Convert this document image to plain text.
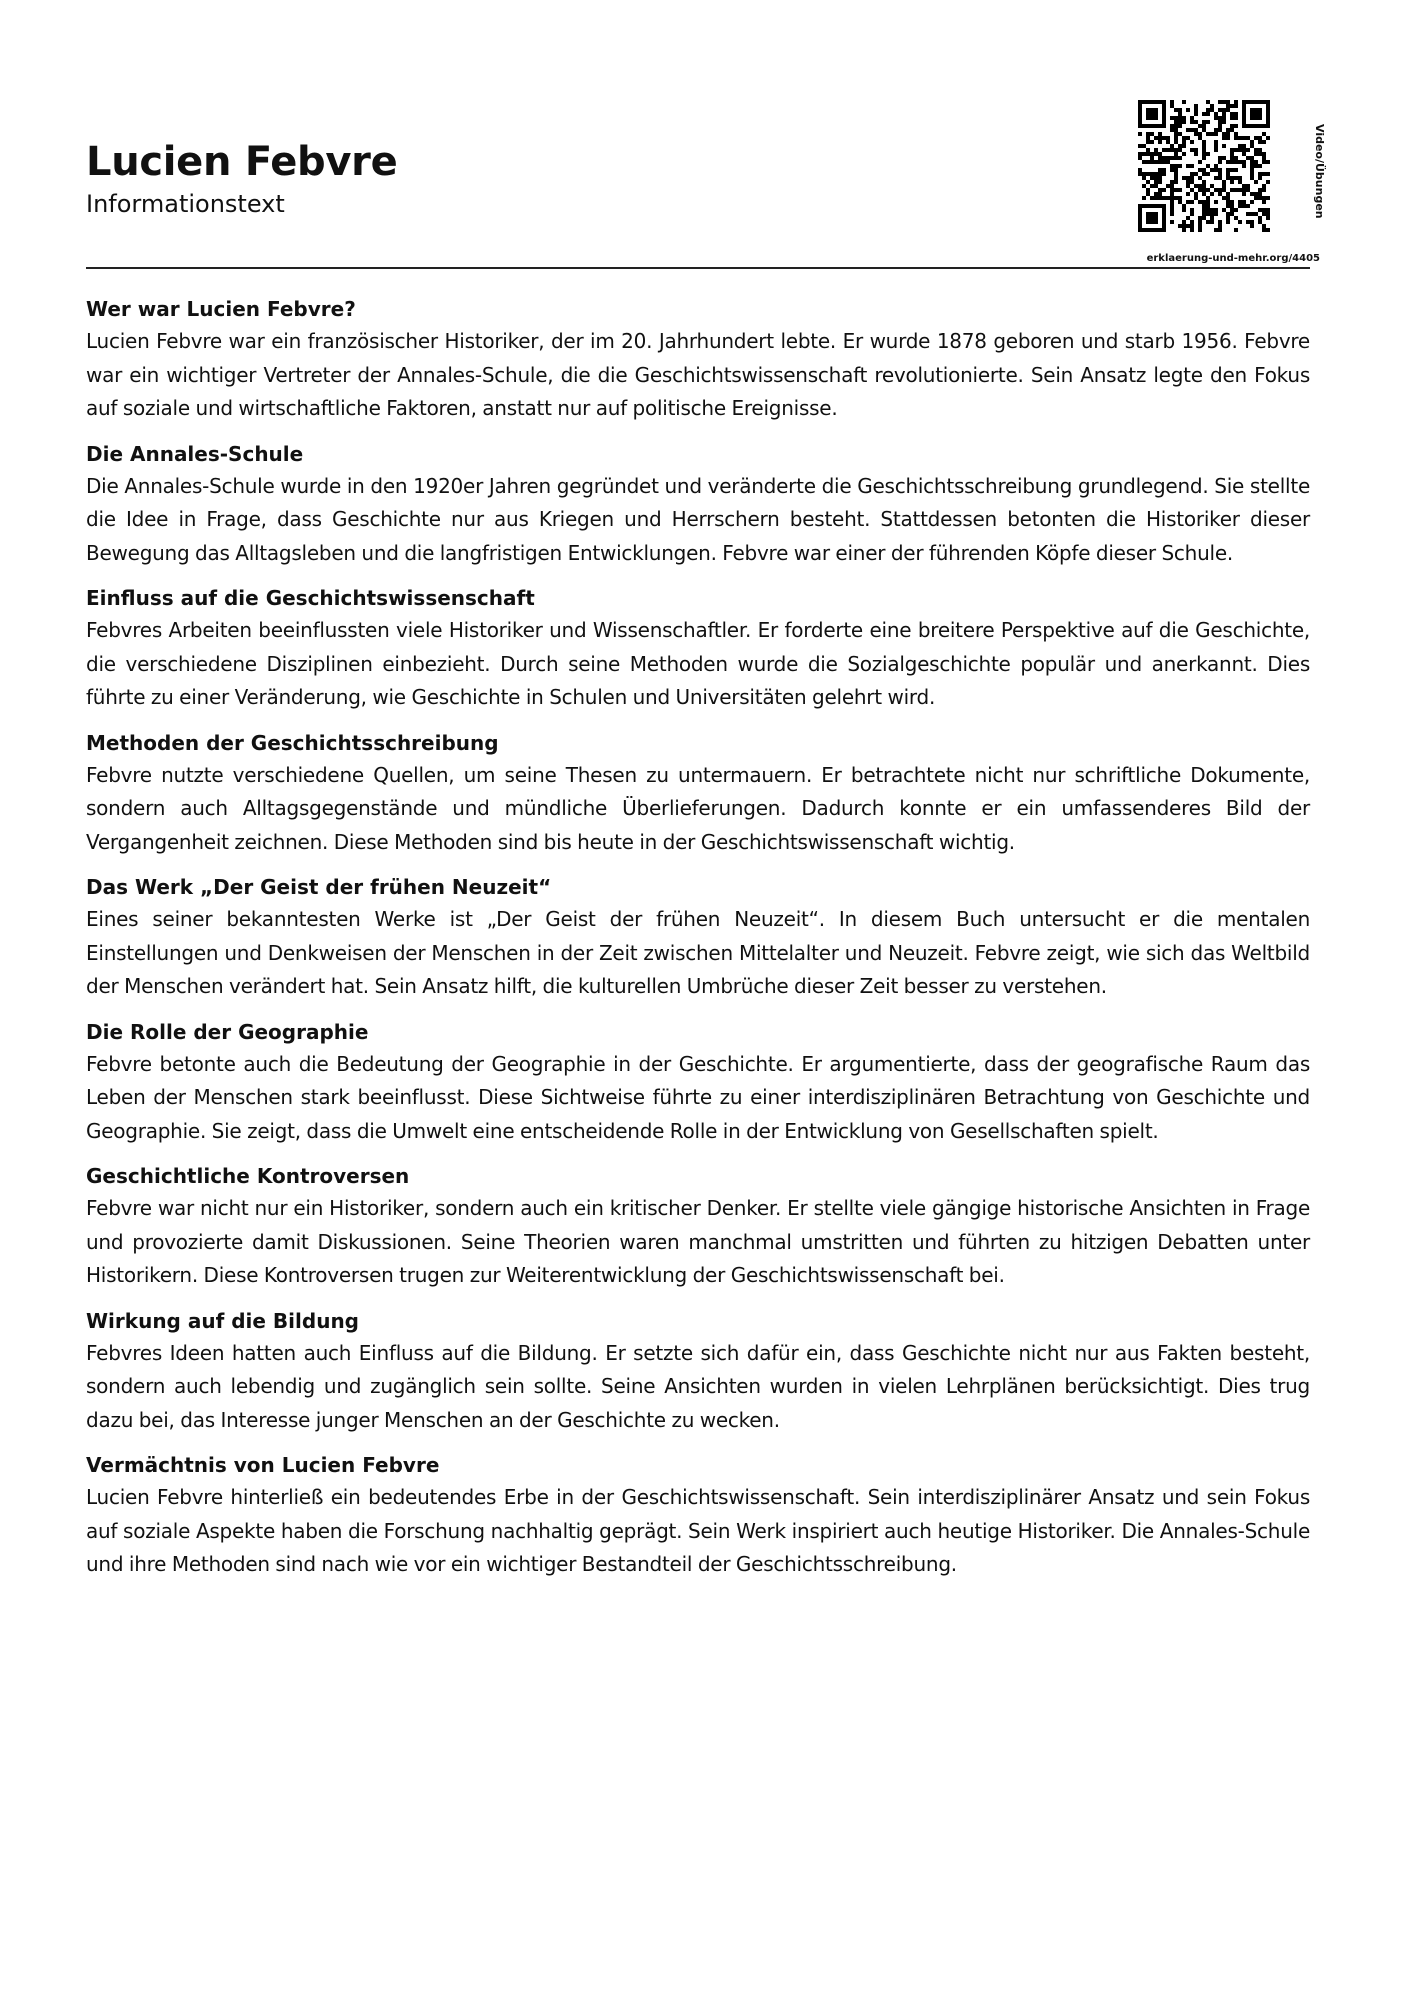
Lucien Febvre
Informationstext	Video/Übungen
erklaerung-und-mehr.org/4405
Wer war Lucien Febvre?

Lucien Febvre war ein französischer Historiker, der im 20. Jahrhundert lebte. Er wurde 1878 geboren und starb 1956. Febvre war ein wichtiger Vertreter der Annales-Schule, die die Geschichtswissenschaft revolutionierte. Sein Ansatz legte den Fokus auf soziale und wirtschaftliche Faktoren, anstatt nur auf politische Ereignisse.

Die Annales-Schule

Die Annales-Schule wurde in den 1920er Jahren gegründet und veränderte die Geschichtsschreibung grundlegend. Sie stellte die Idee in Frage, dass Geschichte nur aus Kriegen und Herrschern besteht. Stattdessen betonten die Historiker dieser Bewegung das Alltagsleben und die langfristigen Entwicklungen. Febvre war einer der führenden Köpfe dieser Schule.

Einfluss auf die Geschichtswissenschaft

Febvres Arbeiten beeinflussten viele Historiker und Wissenschaftler. Er forderte eine breitere Perspektive auf die Geschichte, die verschiedene Disziplinen einbezieht. Durch seine Methoden wurde die Sozialgeschichte populär und anerkannt. Dies führte zu einer Veränderung, wie Geschichte in Schulen und Universitäten gelehrt wird.

Methoden der Geschichtsschreibung

Febvre nutzte verschiedene Quellen, um seine Thesen zu untermauern. Er betrachtete nicht nur schriftliche Dokumente, sondern auch Alltagsgegenstände und mündliche Überlieferungen. Dadurch konnte er ein umfassenderes Bild der Vergangenheit zeichnen. Diese Methoden sind bis heute in der Geschichtswissenschaft wichtig.

Das Werk „Der Geist der frühen Neuzeit“

Eines seiner bekanntesten Werke ist „Der Geist der frühen Neuzeit“. In diesem Buch untersucht er die mentalen Einstellungen und Denkweisen der Menschen in der Zeit zwischen Mittelalter und Neuzeit. Febvre zeigt, wie sich das Weltbild der Menschen verändert hat. Sein Ansatz hilft, die kulturellen Umbrüche dieser Zeit besser zu verstehen.

Die Rolle der Geographie

Febvre betonte auch die Bedeutung der Geographie in der Geschichte. Er argumentierte, dass der geografische Raum das Leben der Menschen stark beeinflusst. Diese Sichtweise führte zu einer interdisziplinären Betrachtung von Geschichte und Geographie. Sie zeigt, dass die Umwelt eine entscheidende Rolle in der Entwicklung von Gesellschaften spielt.

Geschichtliche Kontroversen

Febvre war nicht nur ein Historiker, sondern auch ein kritischer Denker. Er stellte viele gängige historische Ansichten in Frage und provozierte damit Diskussionen. Seine Theorien waren manchmal umstritten und führten zu hitzigen Debatten unter Historikern. Diese Kontroversen trugen zur Weiterentwicklung der Geschichtswissenschaft bei.

Wirkung auf die Bildung

Febvres Ideen hatten auch Einfluss auf die Bildung. Er setzte sich dafür ein, dass Geschichte nicht nur aus Fakten besteht, sondern auch lebendig und zugänglich sein sollte. Seine Ansichten wurden in vielen Lehrplänen berücksichtigt. Dies trug dazu bei, das Interesse junger Menschen an der Geschichte zu wecken.

Vermächtnis von Lucien Febvre

Lucien Febvre hinterließ ein bedeutendes Erbe in der Geschichtswissenschaft. Sein interdisziplinärer Ansatz und sein Fokus auf soziale Aspekte haben die Forschung nachhaltig geprägt. Sein Werk inspiriert auch heutige Historiker. Die Annales-Schule und ihre Methoden sind nach wie vor ein wichtiger Bestandteil der Geschichtsschreibung.
